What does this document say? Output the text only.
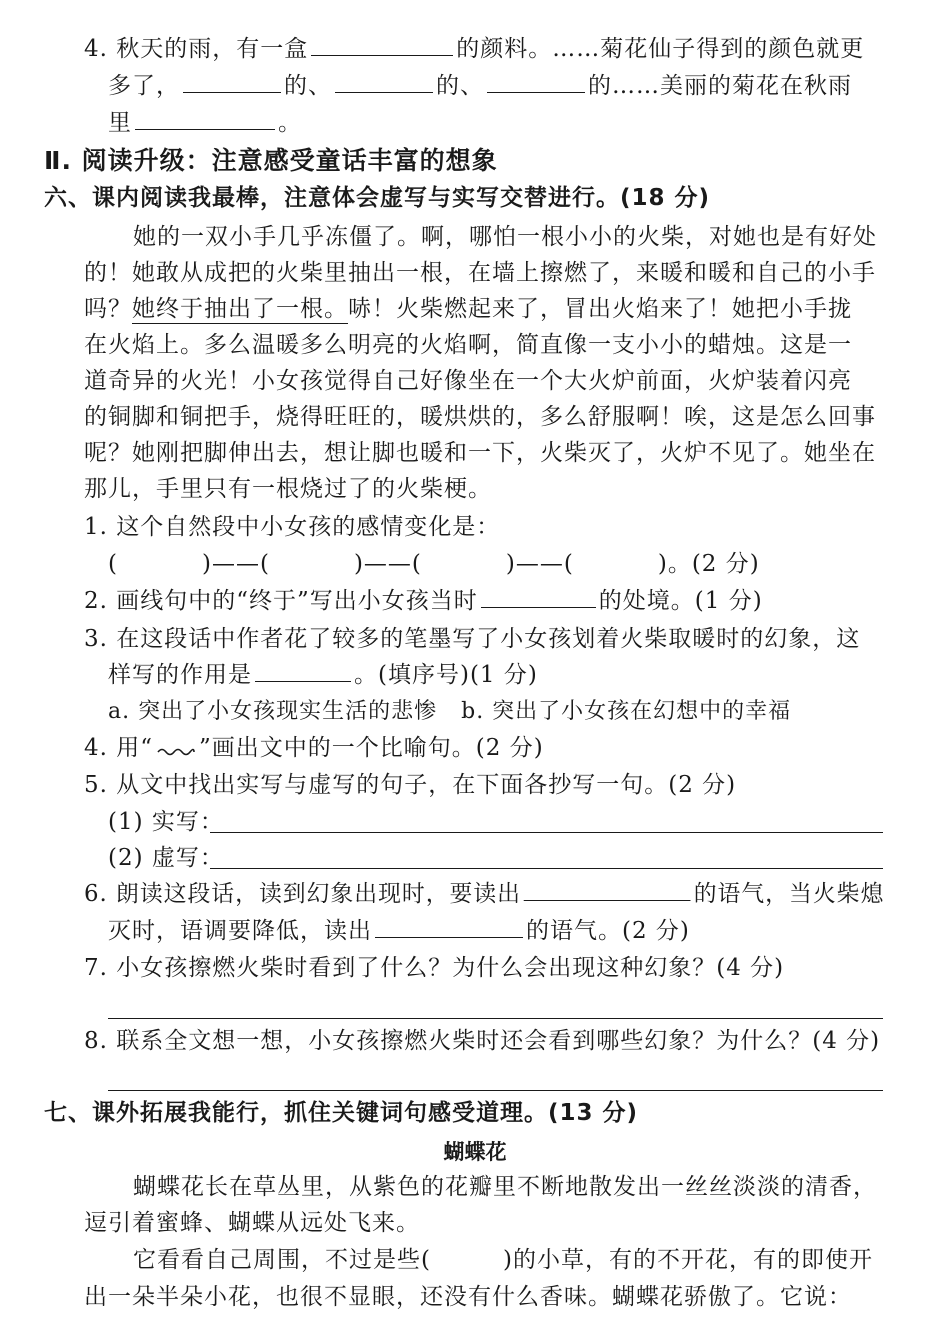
4. 秋天的雨，有一盒	的颜料。……菊花仙子得到的颜色就更
多了，	的、	的、	的……美丽的菊花在秋雨
里	。
Ⅱ. 阅读升级：注意感受童话丰富的想象
六、课内阅读我最棒，注意体会虚写与实写交替进行。(18 分)
她的一双小手几乎冻僵了。啊，哪怕一根小小的火柴，对她也是有好处
的！她敢从成把的火柴里抽出一根，在墙上擦燃了，来暖和暖和自己的小手
吗？她终于抽出了一根。哧！火柴燃起来了，冒出火焰来了！她把小手拢
在火焰上。多么温暖多么明亮的火焰啊，简直像一支小小的蜡烛。这是一
道奇异的火光！小女孩觉得自己好像坐在一个大火炉前面，火炉装着闪亮
的铜脚和铜把手，烧得旺旺的，暖烘烘的，多么舒服啊！唉，这是怎么回事
呢？她刚把脚伸出去，想让脚也暖和一下，火柴灭了，火炉不见了。她坐在
那儿，手里只有一根烧过了的火柴梗。
1. 这个自然段中小女孩的感情变化是：
(	)——(	)——(	)——(	)。(2 分)
2. 画线句中的“终于”写出小女孩当时	的处境。(1 分)
3. 在这段话中作者花了较多的笔墨写了小女孩划着火柴取暖时的幻象，这
样写的作用是	。(填序号)(1 分)
a. 突出了小女孩现实生活的悲惨 b. 突出了小女孩在幻想中的幸福
4. 用“ ”画出文中的一个比喻句。(2 分)
5. 从文中找出实写与虚写的句子，在下面各抄写一句。(2 分)
(1) 实写：
(2) 虚写：
6. 朗读这段话，读到幻象出现时，要读出	的语气，当火柴熄
灭时，语调要降低，读出	的语气。(2 分)
7. 小女孩擦燃火柴时看到了什么？为什么会出现这种幻象？(4 分)
8. 联系全文想一想，小女孩擦燃火柴时还会看到哪些幻象？为什么？(4 分)
七、课外拓展我能行，抓住关键词句感受道理。(13 分)
蝴蝶花
蝴蝶花长在草丛里，从紫色的花瓣里不断地散发出一丝丝淡淡的清香，
逗引着蜜蜂、蝴蝶从远处飞来。
它看看自己周围，不过是些(	)的小草，有的不开花，有的即使开
出一朵半朵小花，也很不显眼，还没有什么香味。蝴蝶花骄傲了。它说：
